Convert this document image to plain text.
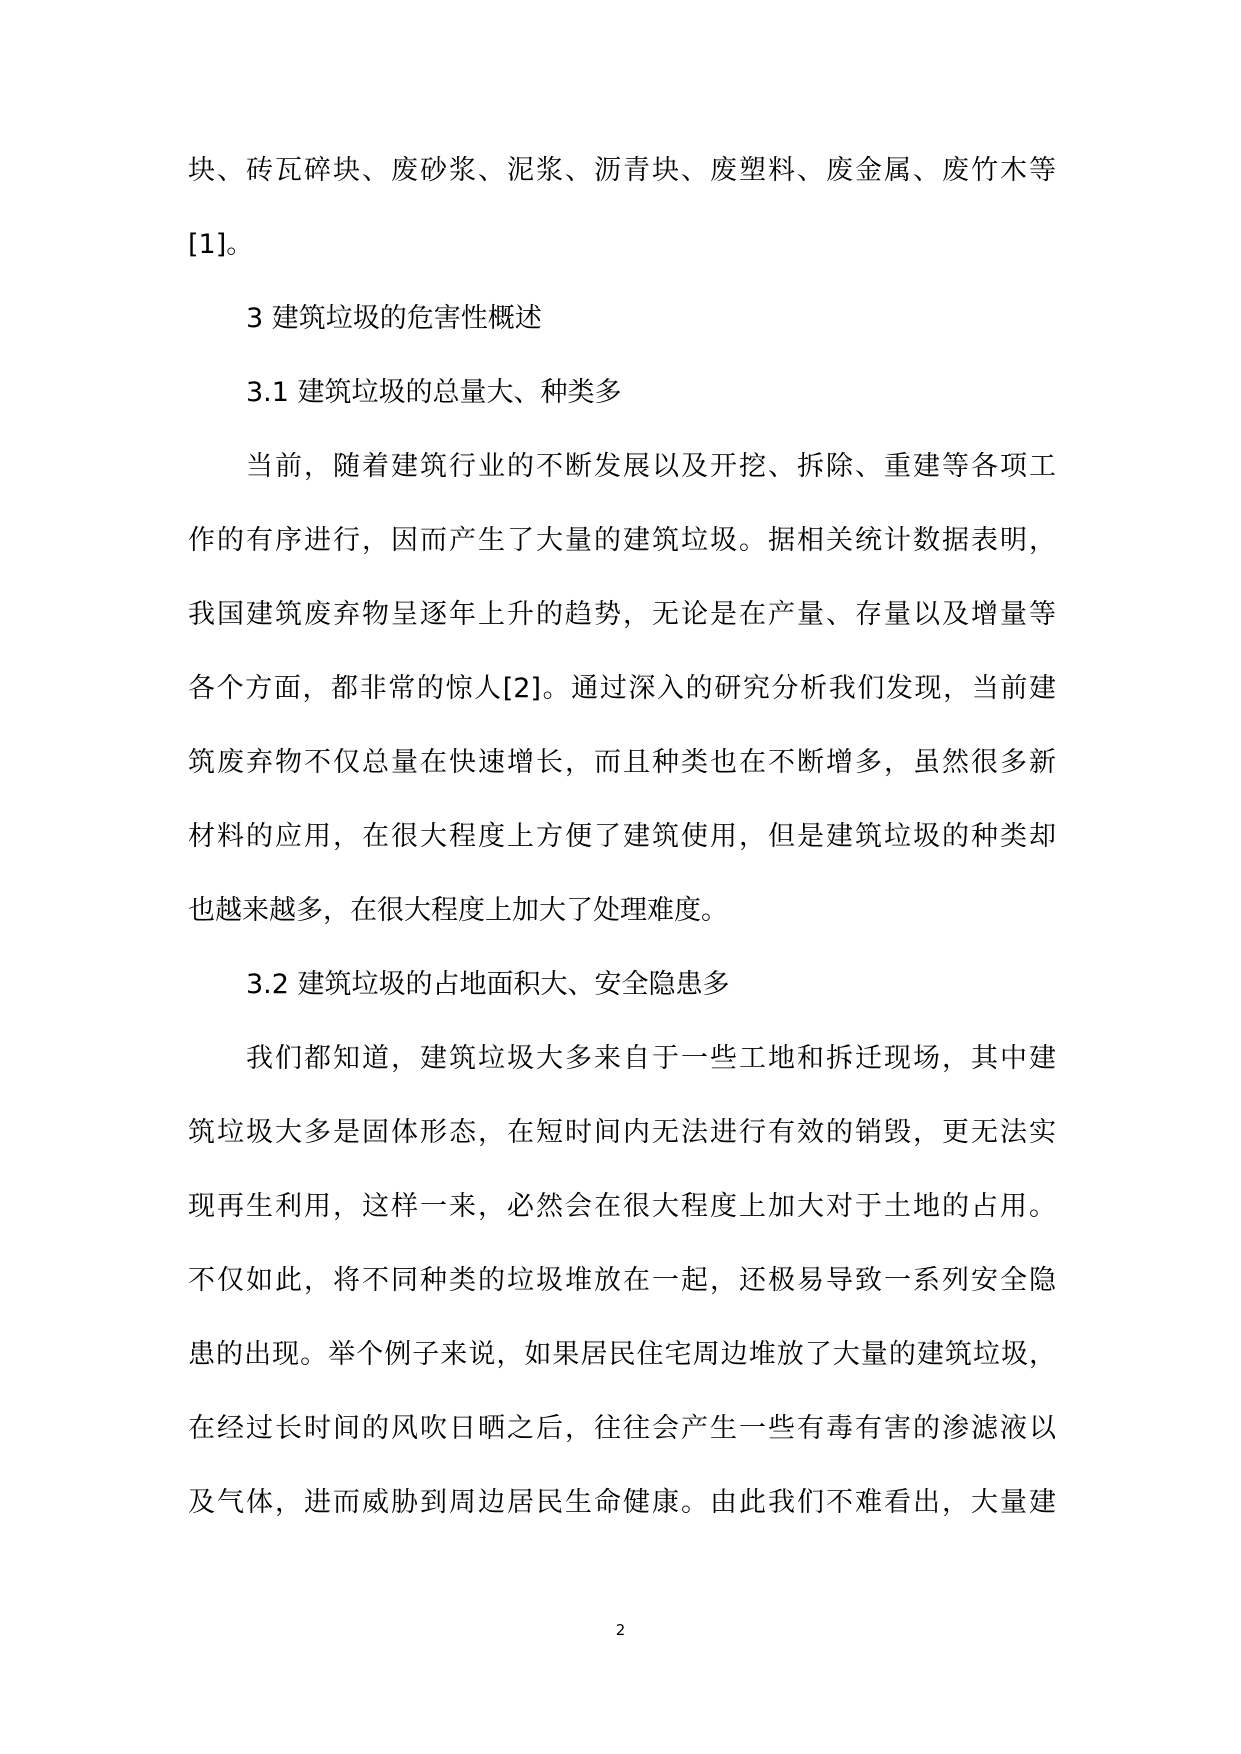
块、砖瓦碎块、废砂浆、泥浆、沥青块、废塑料、废金属、废竹木等
[1]。
3 建筑垃圾的危害性概述
3.1 建筑垃圾的总量大、种类多
当前，随着建筑行业的不断发展以及开挖、拆除、重建等各项工
作的有序进行，因而产生了大量的建筑垃圾。据相关统计数据表明，
我国建筑废弃物呈逐年上升的趋势，无论是在产量、存量以及增量等
各个方面，都非常的惊人[2]。通过深入的研究分析我们发现，当前建
筑废弃物不仅总量在快速增长，而且种类也在不断增多，虽然很多新
材料的应用，在很大程度上方便了建筑使用，但是建筑垃圾的种类却
也越来越多，在很大程度上加大了处理难度。
3.2 建筑垃圾的占地面积大、安全隐患多
我们都知道，建筑垃圾大多来自于一些工地和拆迁现场，其中建
筑垃圾大多是固体形态，在短时间内无法进行有效的销毁，更无法实
现再生利用，这样一来，必然会在很大程度上加大对于土地的占用。
不仅如此，将不同种类的垃圾堆放在一起，还极易导致一系列安全隐
患的出现。举个例子来说，如果居民住宅周边堆放了大量的建筑垃圾，
在经过长时间的风吹日晒之后，往往会产生一些有毒有害的渗滤液以
及气体，进而威胁到周边居民生命健康。由此我们不难看出，大量建
2
